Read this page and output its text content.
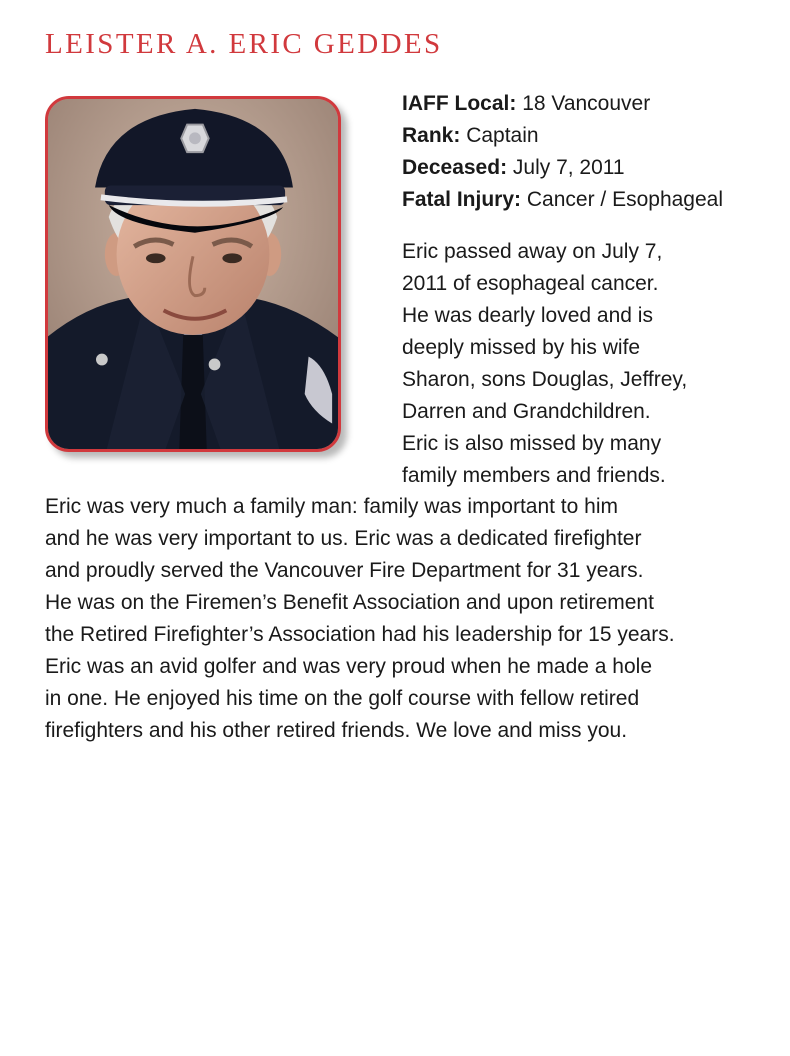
LEISTER A. ERIC GEDDES
IAFF Local: 18 Vancouver
Rank: Captain
Deceased: July 7, 2011
Fatal Injury: Cancer / Esophageal
Eric passed away on July 7,
2011 of esophageal cancer.
He was dearly loved and is
deeply missed by his wife
Sharon, sons Douglas, Jeffrey,
Darren and Grandchildren.
Eric is also missed by many
family members and friends.
Eric was very much a family man: family was important to him
and he was very important to us. Eric was a dedicated firefighter
and proudly served the Vancouver Fire Department for 31 years.
He was on the Firemen’s Benefit Association and upon retirement
the Retired Firefighter’s Association had his leadership for 15 years.
Eric was an avid golfer and was very proud when he made a hole
in one. He enjoyed his time on the golf course with fellow retired
firefighters and his other retired friends. We love and miss you.
